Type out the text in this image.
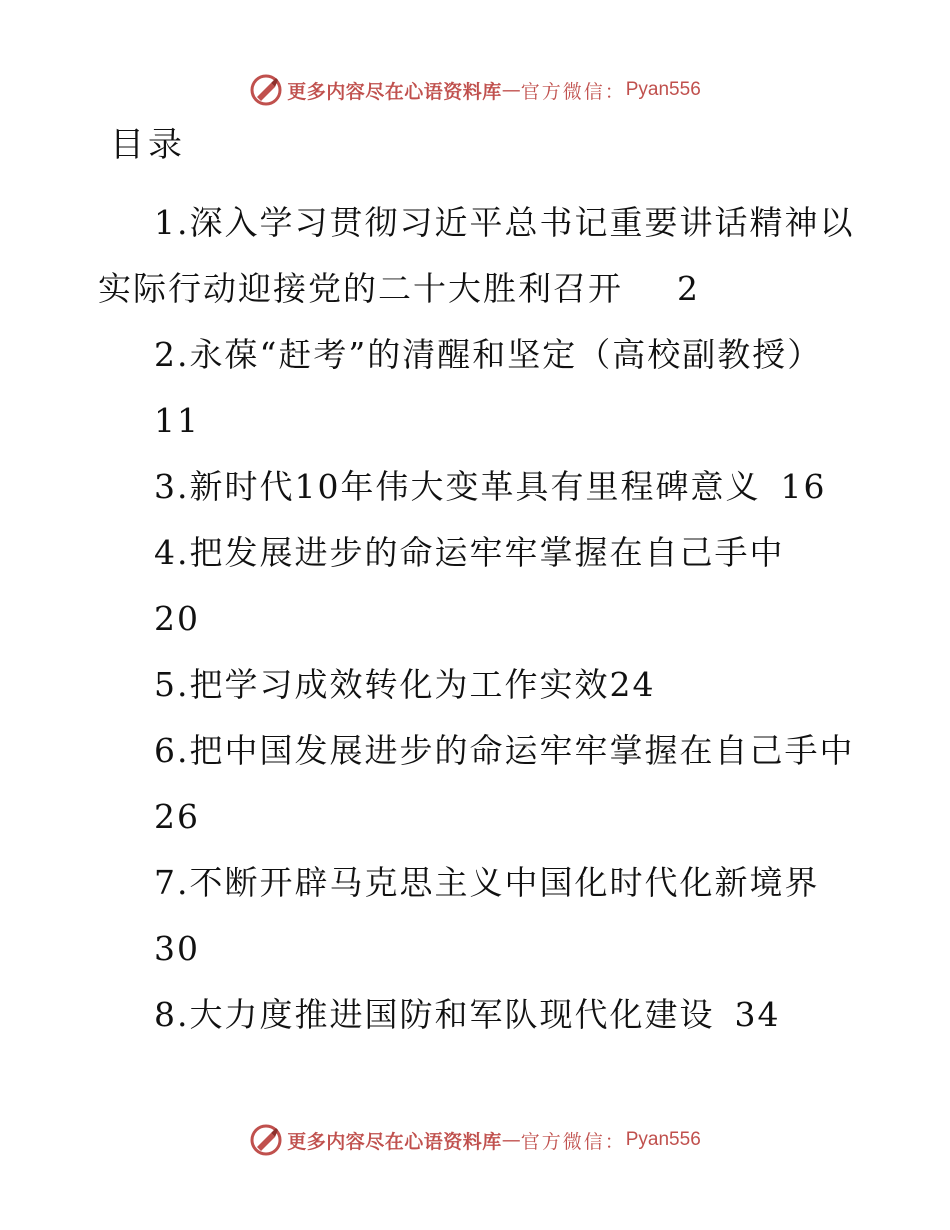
更多内容尽在心语资料库 — 官方微信： Pyan556
目录
1.深入学习贯彻习近平总书记重要讲话精神以
实际行动迎接党的二十大胜利召开 2
2.永葆“赶考”的清醒和坚定（高校副教授）
11
3.新时代10年伟大变革具有里程碑意义 16
4.把发展进步的命运牢牢掌握在自己手中
20
5.把学习成效转化为工作实效24
6.把中国发展进步的命运牢牢掌握在自己手中
26
7.不断开辟马克思主义中国化时代化新境界
30
8.大力度推进国防和军队现代化建设 34
更多内容尽在心语资料库 — 官方微信： Pyan556
